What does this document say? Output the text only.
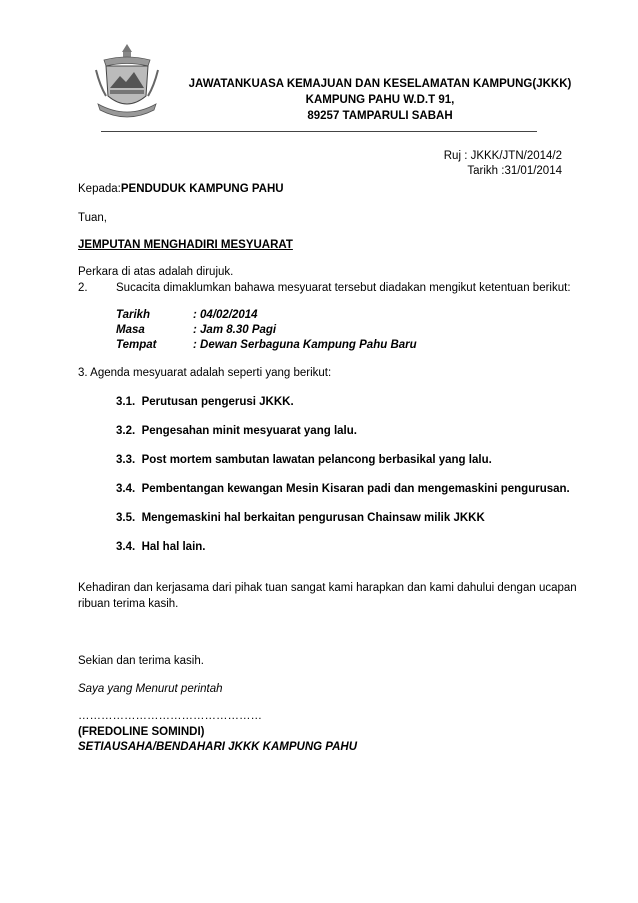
JAWATANKUASA KEMAJUAN DAN KESELAMATAN KAMPUNG(JKKK)
KAMPUNG PAHU W.D.T 91,
89257 TAMPARULI SABAH
Ruj : JKKK/JTN/2014/2
Tarikh :31/01/2014
Kepada:PENDUDUK KAMPUNG PAHU
Tuan,
JEMPUTAN MENGHADIRI MESYUARAT
Perkara di atas adalah dirujuk.
2. Sucacita dimaklumkan bahawa mesyuarat tersebut diadakan mengikut ketentuan berikut:
Tarikh	: 04/02/2014
Masa	: Jam 8.30 Pagi
Tempat	: Dewan Serbaguna Kampung Pahu Baru
3. Agenda mesyuarat adalah seperti yang berikut:
3.1. Perutusan pengerusi JKKK.
3.2. Pengesahan minit mesyuarat yang lalu.
3.3. Post mortem sambutan lawatan pelancong berbasikal yang lalu.
3.4. Pembentangan kewangan Mesin Kisaran padi dan mengemaskini pengurusan.
3.5. Mengemaskini hal berkaitan pengurusan Chainsaw milik JKKK
3.4. Hal hal lain.
Kehadiran dan kerjasama dari pihak tuan sangat kami harapkan dan kami dahului dengan ucapan
ribuan terima kasih.
Sekian dan terima kasih.
Saya yang Menurut perintah
…………………………………………
(FREDOLINE SOMINDI)
SETIAUSAHA/BENDAHARI JKKK KAMPUNG PAHU
